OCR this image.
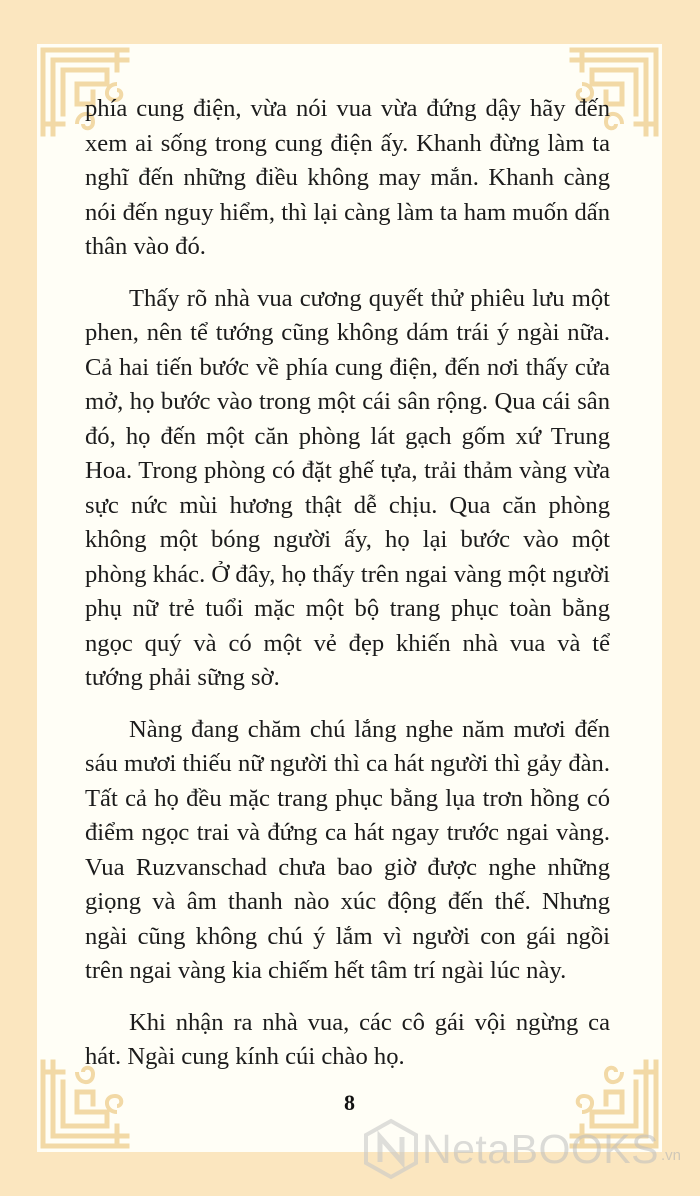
phía cung điện, vừa nói vua vừa đứng dậy hãy đến xem ai sống trong cung điện ấy. Khanh đừng làm ta nghĩ đến những điều không may mắn. Khanh càng nói đến nguy hiểm, thì lại càng làm ta ham muốn dấn thân vào đó.

Thấy rõ nhà vua cương quyết thử phiêu lưu một phen, nên tể tướng cũng không dám trái ý ngài nữa. Cả hai tiến bước về phía cung điện, đến nơi thấy cửa mở, họ bước vào trong một cái sân rộng. Qua cái sân đó, họ đến một căn phòng lát gạch gốm xứ Trung Hoa. Trong phòng có đặt ghế tựa, trải thảm vàng vừa sực nức mùi hương thật dễ chịu. Qua căn phòng không một bóng người ấy, họ lại bước vào một phòng khác. Ở đây, họ thấy trên ngai vàng một người phụ nữ trẻ tuổi mặc một bộ trang phục toàn bằng ngọc quý và có một vẻ đẹp khiến nhà vua và tể tướng phải sững sờ.

Nàng đang chăm chú lắng nghe năm mươi đến sáu mươi thiếu nữ người thì ca hát người thì gảy đàn. Tất cả họ đều mặc trang phục bằng lụa trơn hồng có điểm ngọc trai và đứng ca hát ngay trước ngai vàng. Vua Ruzvanschad chưa bao giờ được nghe những giọng và âm thanh nào xúc động đến thế. Nhưng ngài cũng không chú ý lắm vì người con gái ngồi trên ngai vàng kia chiếm hết tâm trí ngài lúc này.

Khi nhận ra nhà vua, các cô gái vội ngừng ca hát. Ngài cung kính cúi chào họ.

8
NetaBOOKS .vn
